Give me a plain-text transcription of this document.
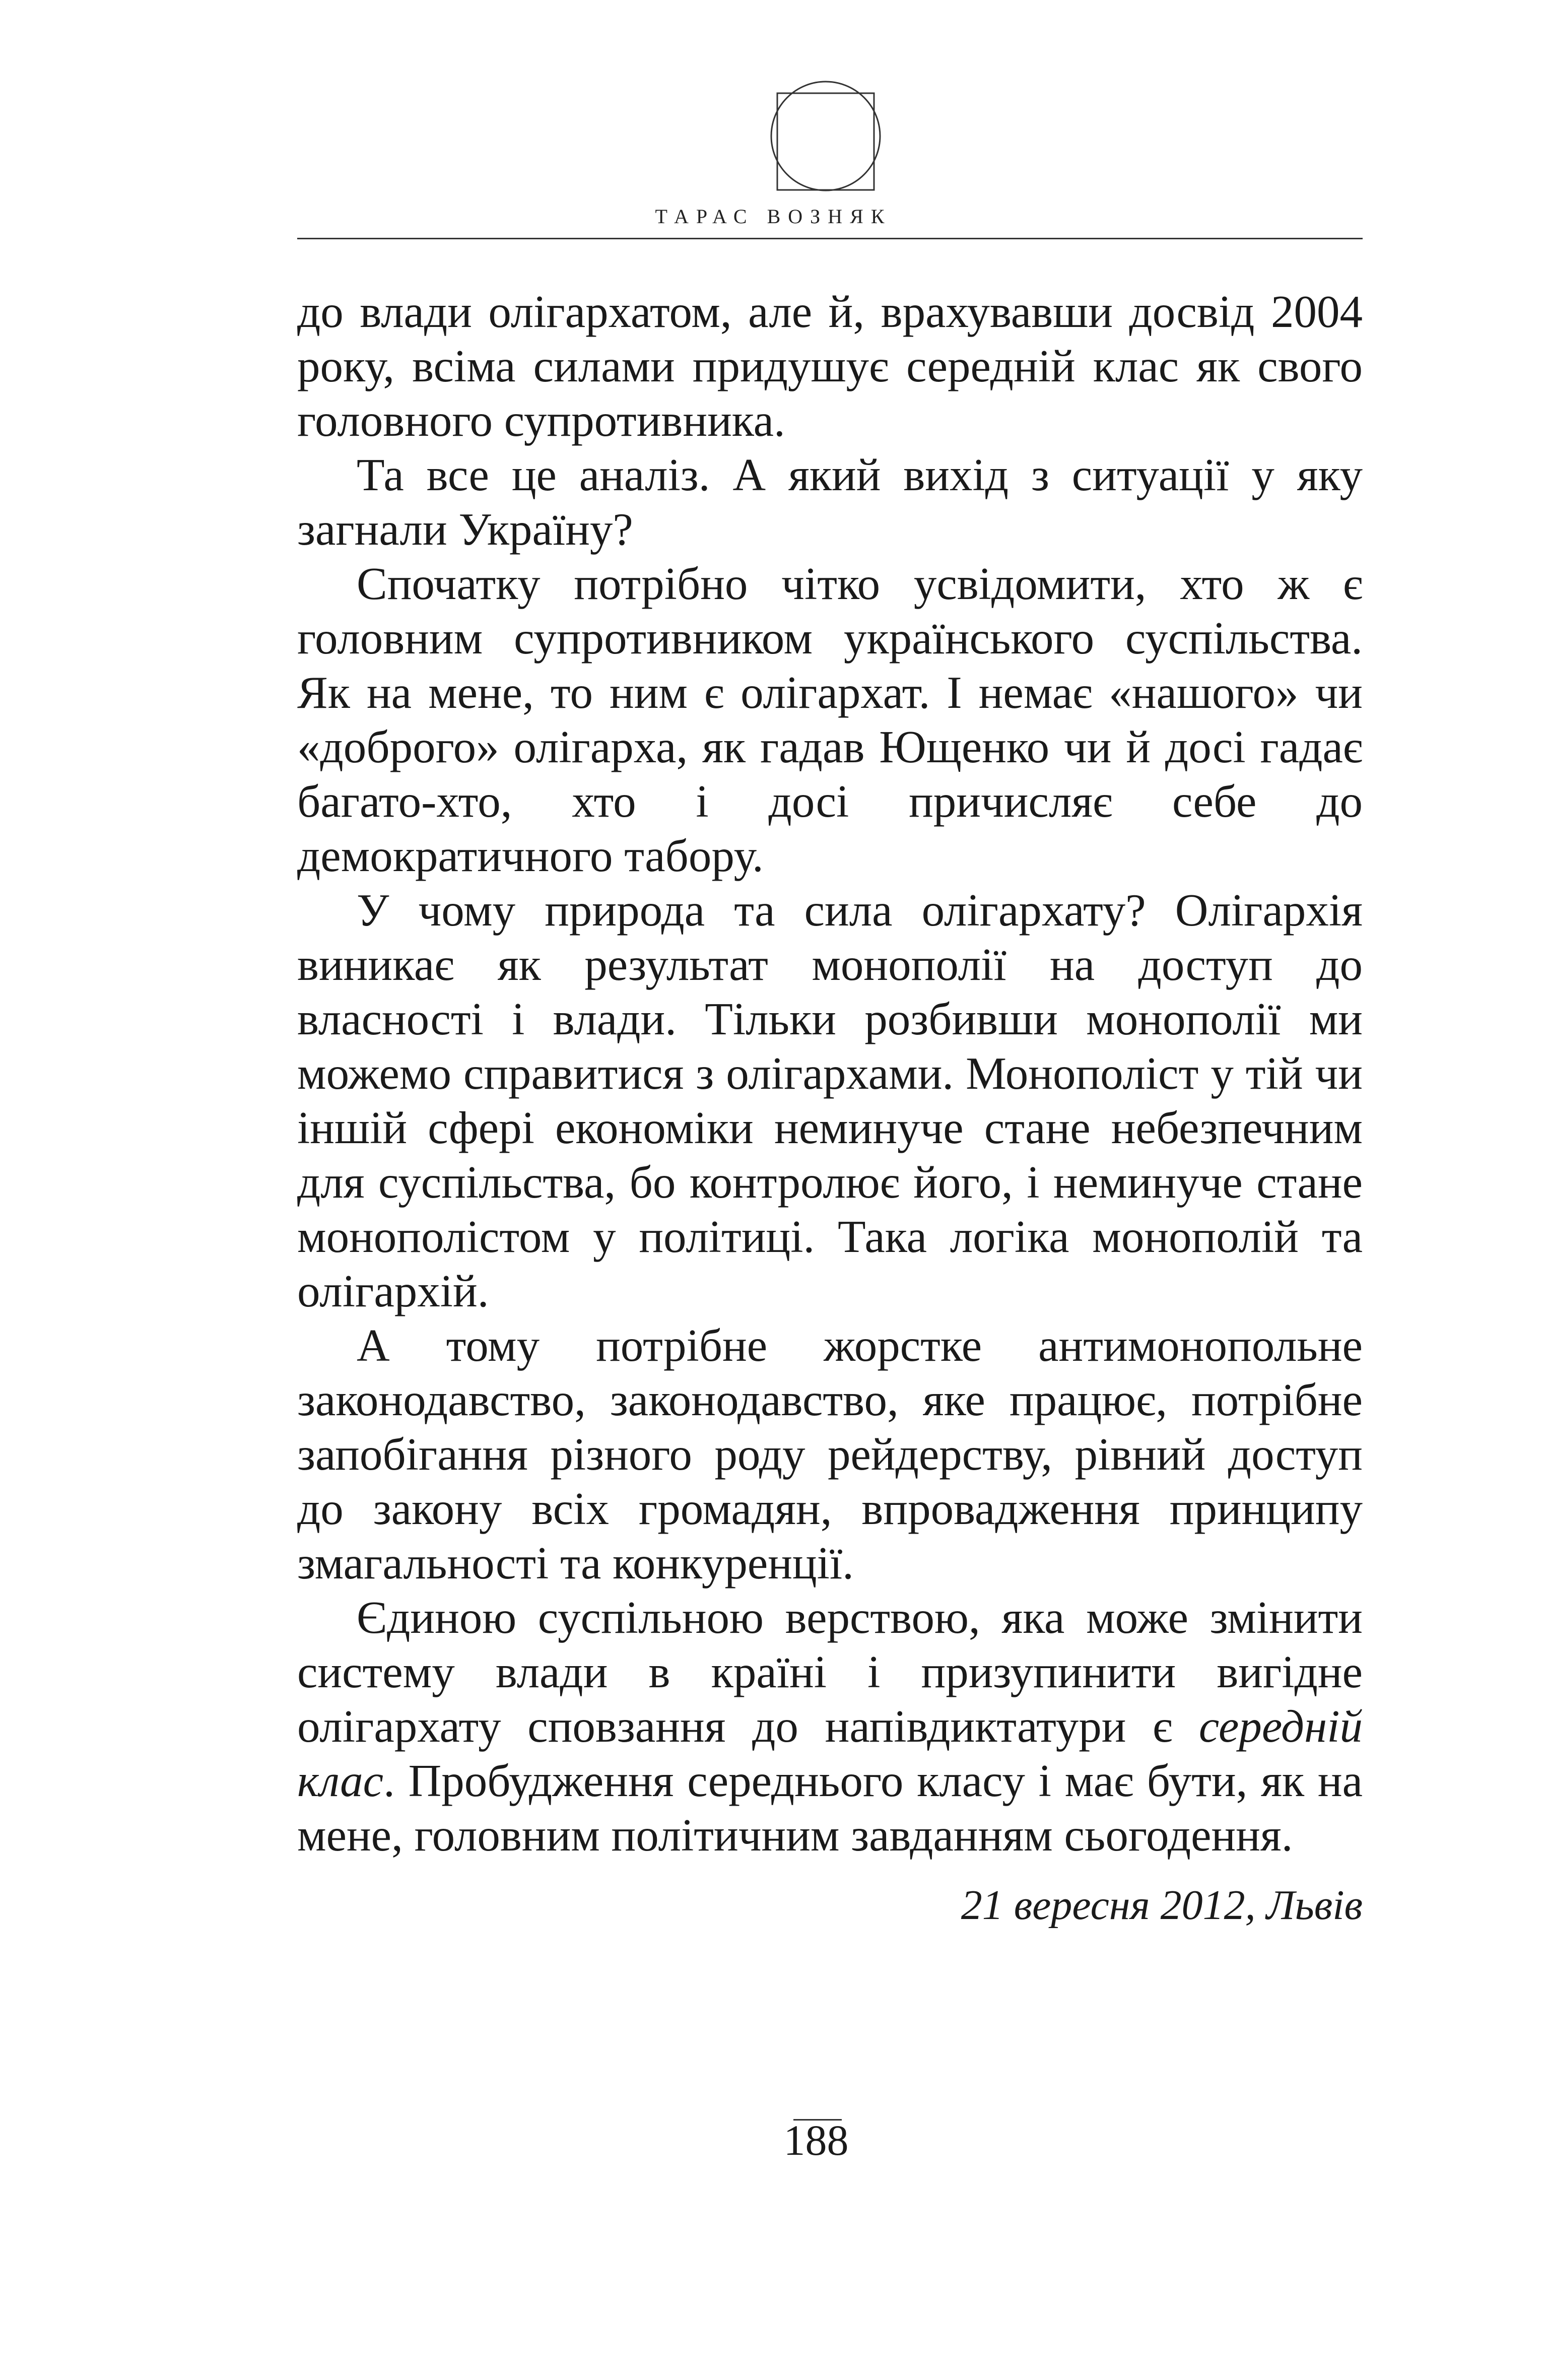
ТАРАС ВОЗНЯК

до влади олігархатом, але й, врахувавши досвід 2004 року, всіма силами придушує середній клас як свого головного супротивника.

Та все це аналіз. А який вихід з ситуації у яку загнали Україну?

Спочатку потрібно чітко усвідомити, хто ж є головним супротивником українського суспільства. Як на мене, то ним є олігархат. І немає «нашого» чи «доброго» олігарха, як гадав Ющенко чи й досі гадає багато-хто, хто і досі причисляє себе до демократичного табору.

У чому природа та сила олігархату? Олігархія виникає як результат монополії на доступ до власності і влади. Тільки розбивши монополії ми можемо справитися з олігархами. Монополіст у тій чи іншій сфері економіки неминуче стане небезпечним для суспільства, бо контролює його, і неминуче стане монополістом у політиці. Така логіка монополій та олігархій.

А тому потрібне жорстке антимонопольне законодавство, законодавство, яке працює, потрібне запобігання різного роду рейдерству, рівний доступ до закону всіх громадян, впровадження принципу змагальності та конкуренції.

Єдиною суспільною верствою, яка може змінити систему влади в країні і призупинити вигідне олігархату сповзання до напівдиктатури є середній клас. Пробудження середнього класу і має бути, як на мене, головним політичним завданням сьогодення.

21 вересня 2012, Львів
188
